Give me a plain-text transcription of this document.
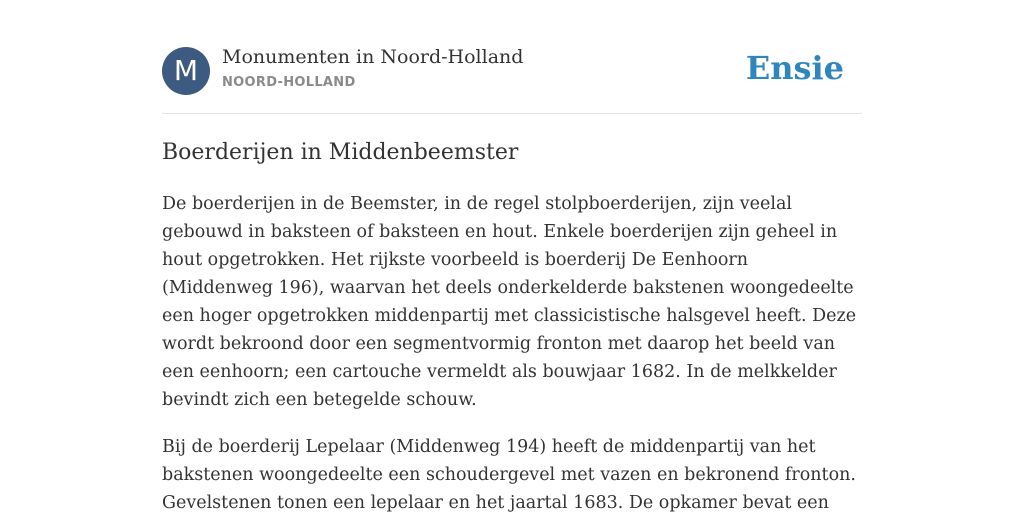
M	Monumenten in Noord-Holland
NOORD-HOLLAND	Ensie
Boerderijen in Middenbeemster

De boerderijen in de Beemster, in de regel stolpboerderijen, zijn veelal gebouwd in baksteen of baksteen en hout. Enkele boerderijen zijn geheel in hout opgetrokken. Het rijkste voorbeeld is boerderij De Eenhoorn (Middenweg 196), waarvan het deels onderkelderde bakstenen woongedeelte een hoger opgetrokken middenpartij met classicistische halsgevel heeft. Deze wordt bekroond door een segmentvormig fronton met daarop het beeld van een eenhoorn; een cartouche vermeldt als bouwjaar 1682. In de melkkelder bevindt zich een betegelde schouw.

Bij de boerderij Lepelaar (Middenweg 194) heeft de middenpartij van het bakstenen woongedeelte een schoudergevel met vazen en bekronend fronton. Gevelstenen tonen een lepelaar en het jaartal 1683. De opkamer bevat een
